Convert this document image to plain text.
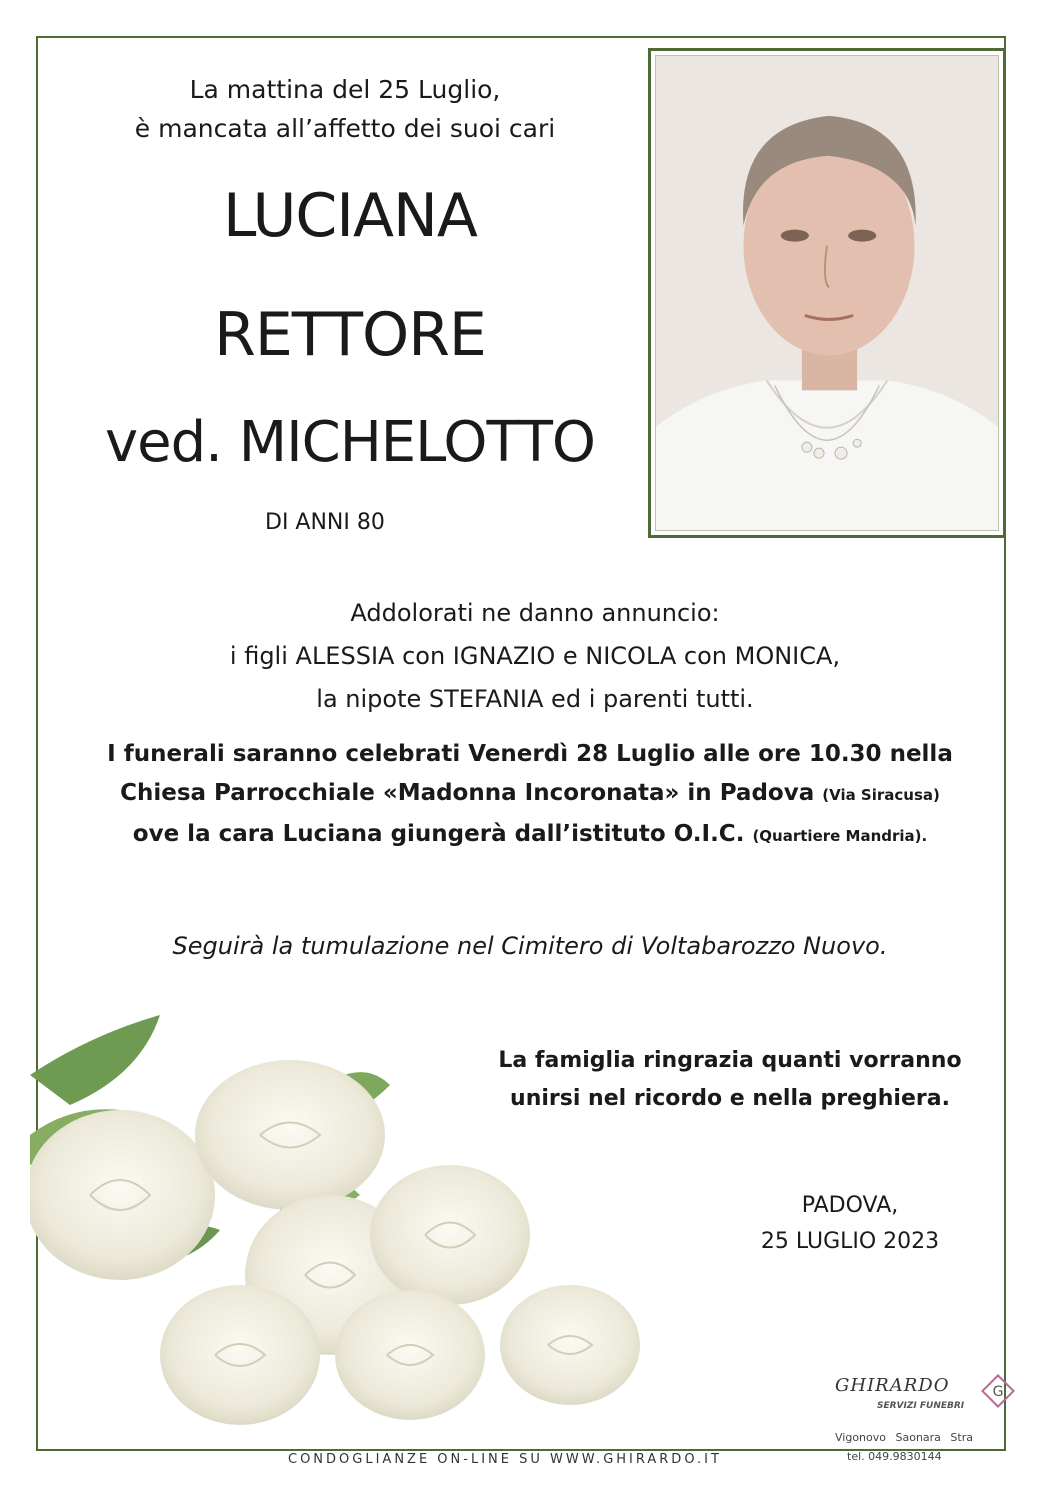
La mattina del 25 Luglio,
è mancata all’affetto dei suoi cari
LUCIANA
RETTORE
ved. MICHELOTTO
DI ANNI 80
Addolorati ne danno annuncio:
i figli ALESSIA con IGNAZIO e NICOLA con MONICA,
la nipote STEFANIA ed i parenti tutti.
I funerali saranno celebrati Venerdì 28 Luglio alle ore 10.30 nella
Chiesa Parrocchiale «Madonna Incoronata» in Padova (Via Siracusa)
ove la cara Luciana giungerà dall’istituto O.I.C. (Quartiere Mandria).
Seguirà la tumulazione nel Cimitero di Voltabarozzo Nuovo.
La famiglia ringrazia quanti vorranno
unirsi nel ricordo e nella preghiera.
PADOVA,
25 LUGLIO 2023
CONDOGLIANZE ON-LINE SU WWW.GHIRARDO.IT
GHIRARDO
SERVIZI FUNEBRI
G
Vigonovo Saonara Stra
tel. 049.9830144
